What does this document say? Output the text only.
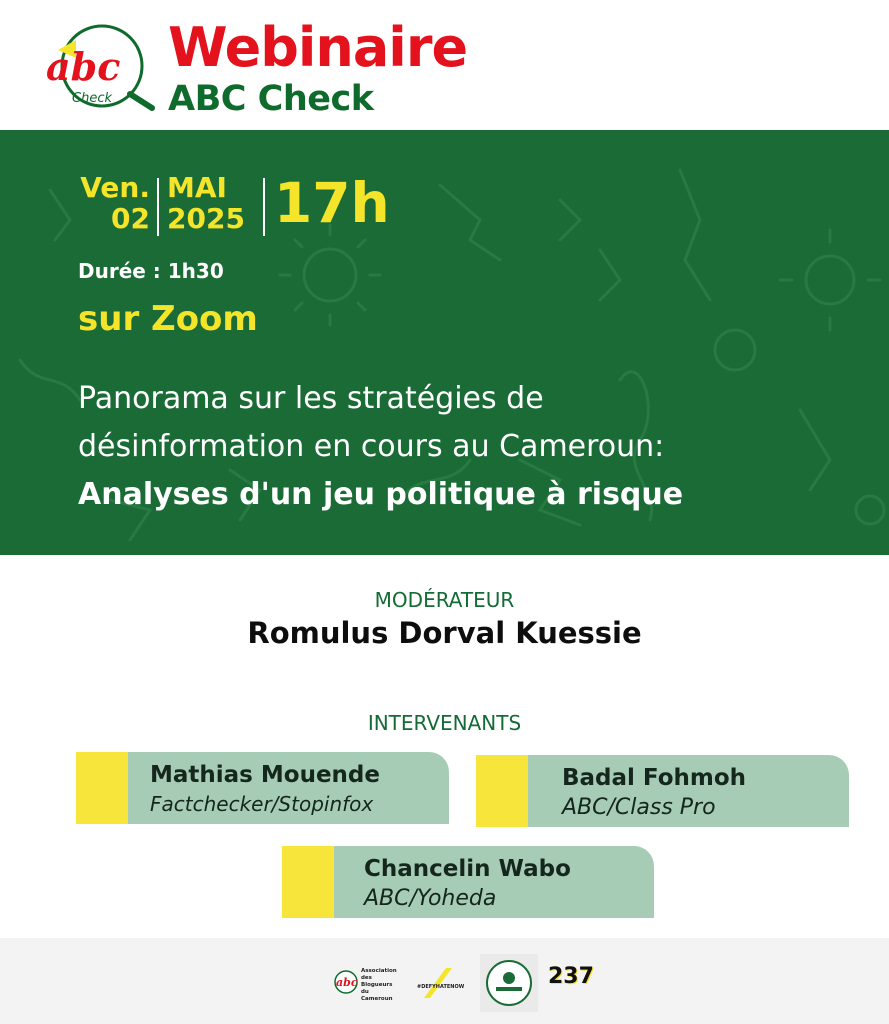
abc
Check
Webinaire
ABC Check
Ven.
02
MAI
2025 17h
Durée : 1h30
sur Zoom
Panorama sur les stratégies de
désinformation en cours au Cameroun:
Analyses d'un jeu politique à risque
MODÉRATEUR
Romulus Dorval Kuessie
INTERVENANTS
Mathias Mouende
Factchecker/Stopinfox
Badal Fohmoh
ABC/Class Pro
Chancelin Wabo
ABC/Yoheda
abc
Association des Blogueurs du Cameroun
#DEFYHATENOW	237
